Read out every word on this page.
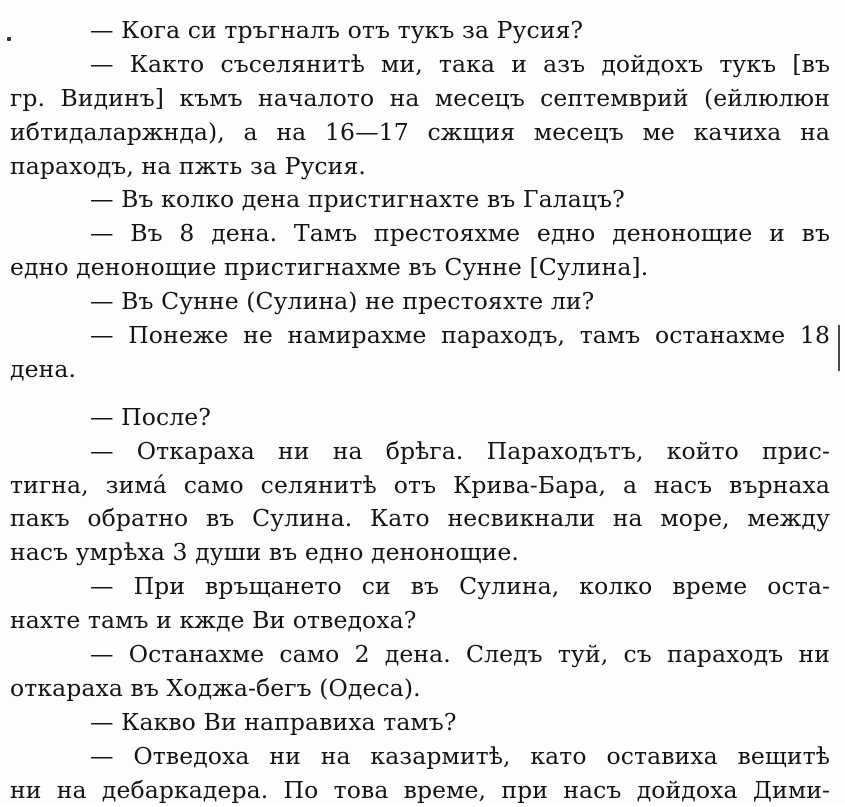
— Кога си тръгналъ отъ тукъ за Русия?
— Както съселянитѣ ми, така и азъ дойдохъ тукъ [въ
гр. Видинъ] къмъ началото на месецъ септемврий (ейлюлюн
ибтидаларжнда), а на 16—17 сжщия месецъ ме качиха на
параходъ, на пжть за Русия.
— Въ колко дена пристигнахте въ Галацъ?
— Въ 8 дена. Тамъ престояхме едно денонощие и въ
едно денонощие пристигнахме въ Сунне [Сулина].
— Въ Сунне (Сулина) не престояхте ли?
— Понеже не намирахме параходъ, тамъ останахме 18
дена.
— После?
— Откараха ни на брѣга. Параходътъ, който прис-
тигна, зимá само селянитѣ отъ Крива-Бара, а насъ върнаха
пакъ обратно въ Сулина. Като несвикнали на море, между
насъ умрѣха 3 души въ едно денонощие.
— При връщането си въ Сулина, колко време оста-
нахте тамъ и кжде Ви отведоха?
— Останахме само 2 дена. Следъ туй, съ параходъ ни
откараха въ Ходжа-бегъ (Одеса).
— Какво Ви направиха тамъ?
— Отведоха ни на казармитѣ, като оставиха вещитѣ
ни на дебаркадера. По това време, при насъ дойдоха Дими-
